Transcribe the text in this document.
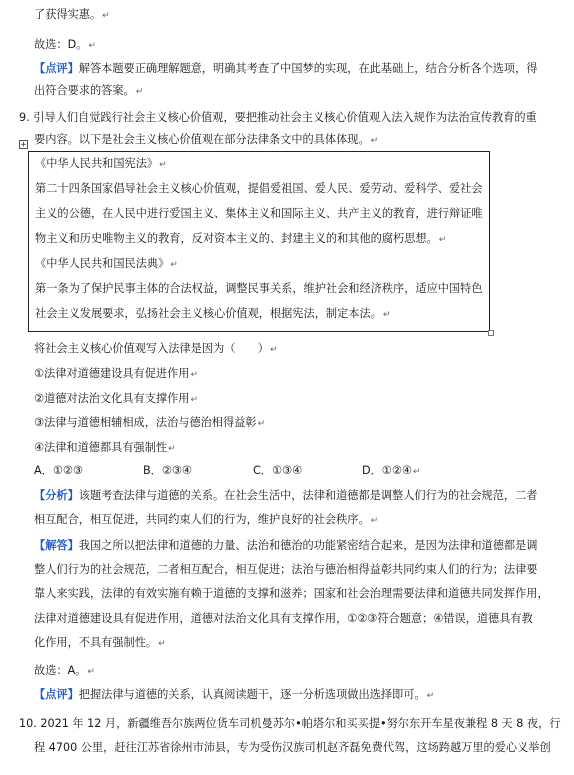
了获得实惠。↵
故选：D。↵
【点评】解答本题要正确理解题意，明确其考查了中国梦的实现，在此基础上，结合分析各个选项，得
出符合要求的答案。↵
9. 引导人们自觉践行社会主义核心价值观，要把推动社会主义核心价值观入法入规作为法治宣传教育的重
要内容。以下是社会主义核心价值观在部分法律条文中的具体体现。↵
+
《中华人民共和国宪法》↵
第二十四条国家倡导社会主义核心价值观，提倡爱祖国、爱人民、爱劳动、爱科学、爱社会
主义的公德，在人民中进行爱国主义、集体主义和国际主义、共产主义的教育，进行辩证唯
物主义和历史唯物主义的教育，反对资本主义的、封建主义的和其他的腐朽思想。↵
《中华人民共和国民法典》↵
第一条为了保护民事主体的合法权益，调整民事关系，维护社会和经济秩序，适应中国特色
社会主义发展要求，弘扬社会主义核心价值观，根据宪法，制定本法。↵
将社会主义核心价值观写入法律是因为（　　）↵
①法律对道德建设具有促进作用↵
②道德对法治文化具有支撑作用↵
③法律与道德相辅相成，法治与德治相得益彰↵
④法律和道德都具有强制性↵
A．①②③	B．②③④	C．①③④	D．①②④↵
【分析】该题考查法律与道德的关系。在社会生活中，法律和道德都是调整人们行为的社会规范，二者
相互配合，相互促进，共同约束人们的行为，维护良好的社会秩序。↵
【解答】我国之所以把法律和道德的力量、法治和德治的功能紧密结合起来，是因为法律和道德都是调
整人们行为的社会规范，二者相互配合，相互促进；法治与德治相得益彰共同约束人们的行为；法律要
靠人来实践，法律的有效实施有赖于道德的支撑和滋养；国家和社会治理需要法律和道德共同发挥作用，
法律对道德建设具有促进作用，道德对法治文化具有支撑作用，①②③符合题意；④错误，道德具有教
化作用，不具有强制性。↵
故选：A。↵
【点评】把握法律与道德的关系，认真阅读题干，逐一分析选项做出选择即可。↵
10. 2021 年 12 月，新疆维吾尔族两位货车司机曼苏尔•帕塔尔和买买提•努尔东开车星夜兼程 8 天 8 夜，行
程 4700 公里，赶往江苏省徐州市沛县，专为受伤汉族司机赵齐磊免费代驾，这场跨越万里的爱心义举创
